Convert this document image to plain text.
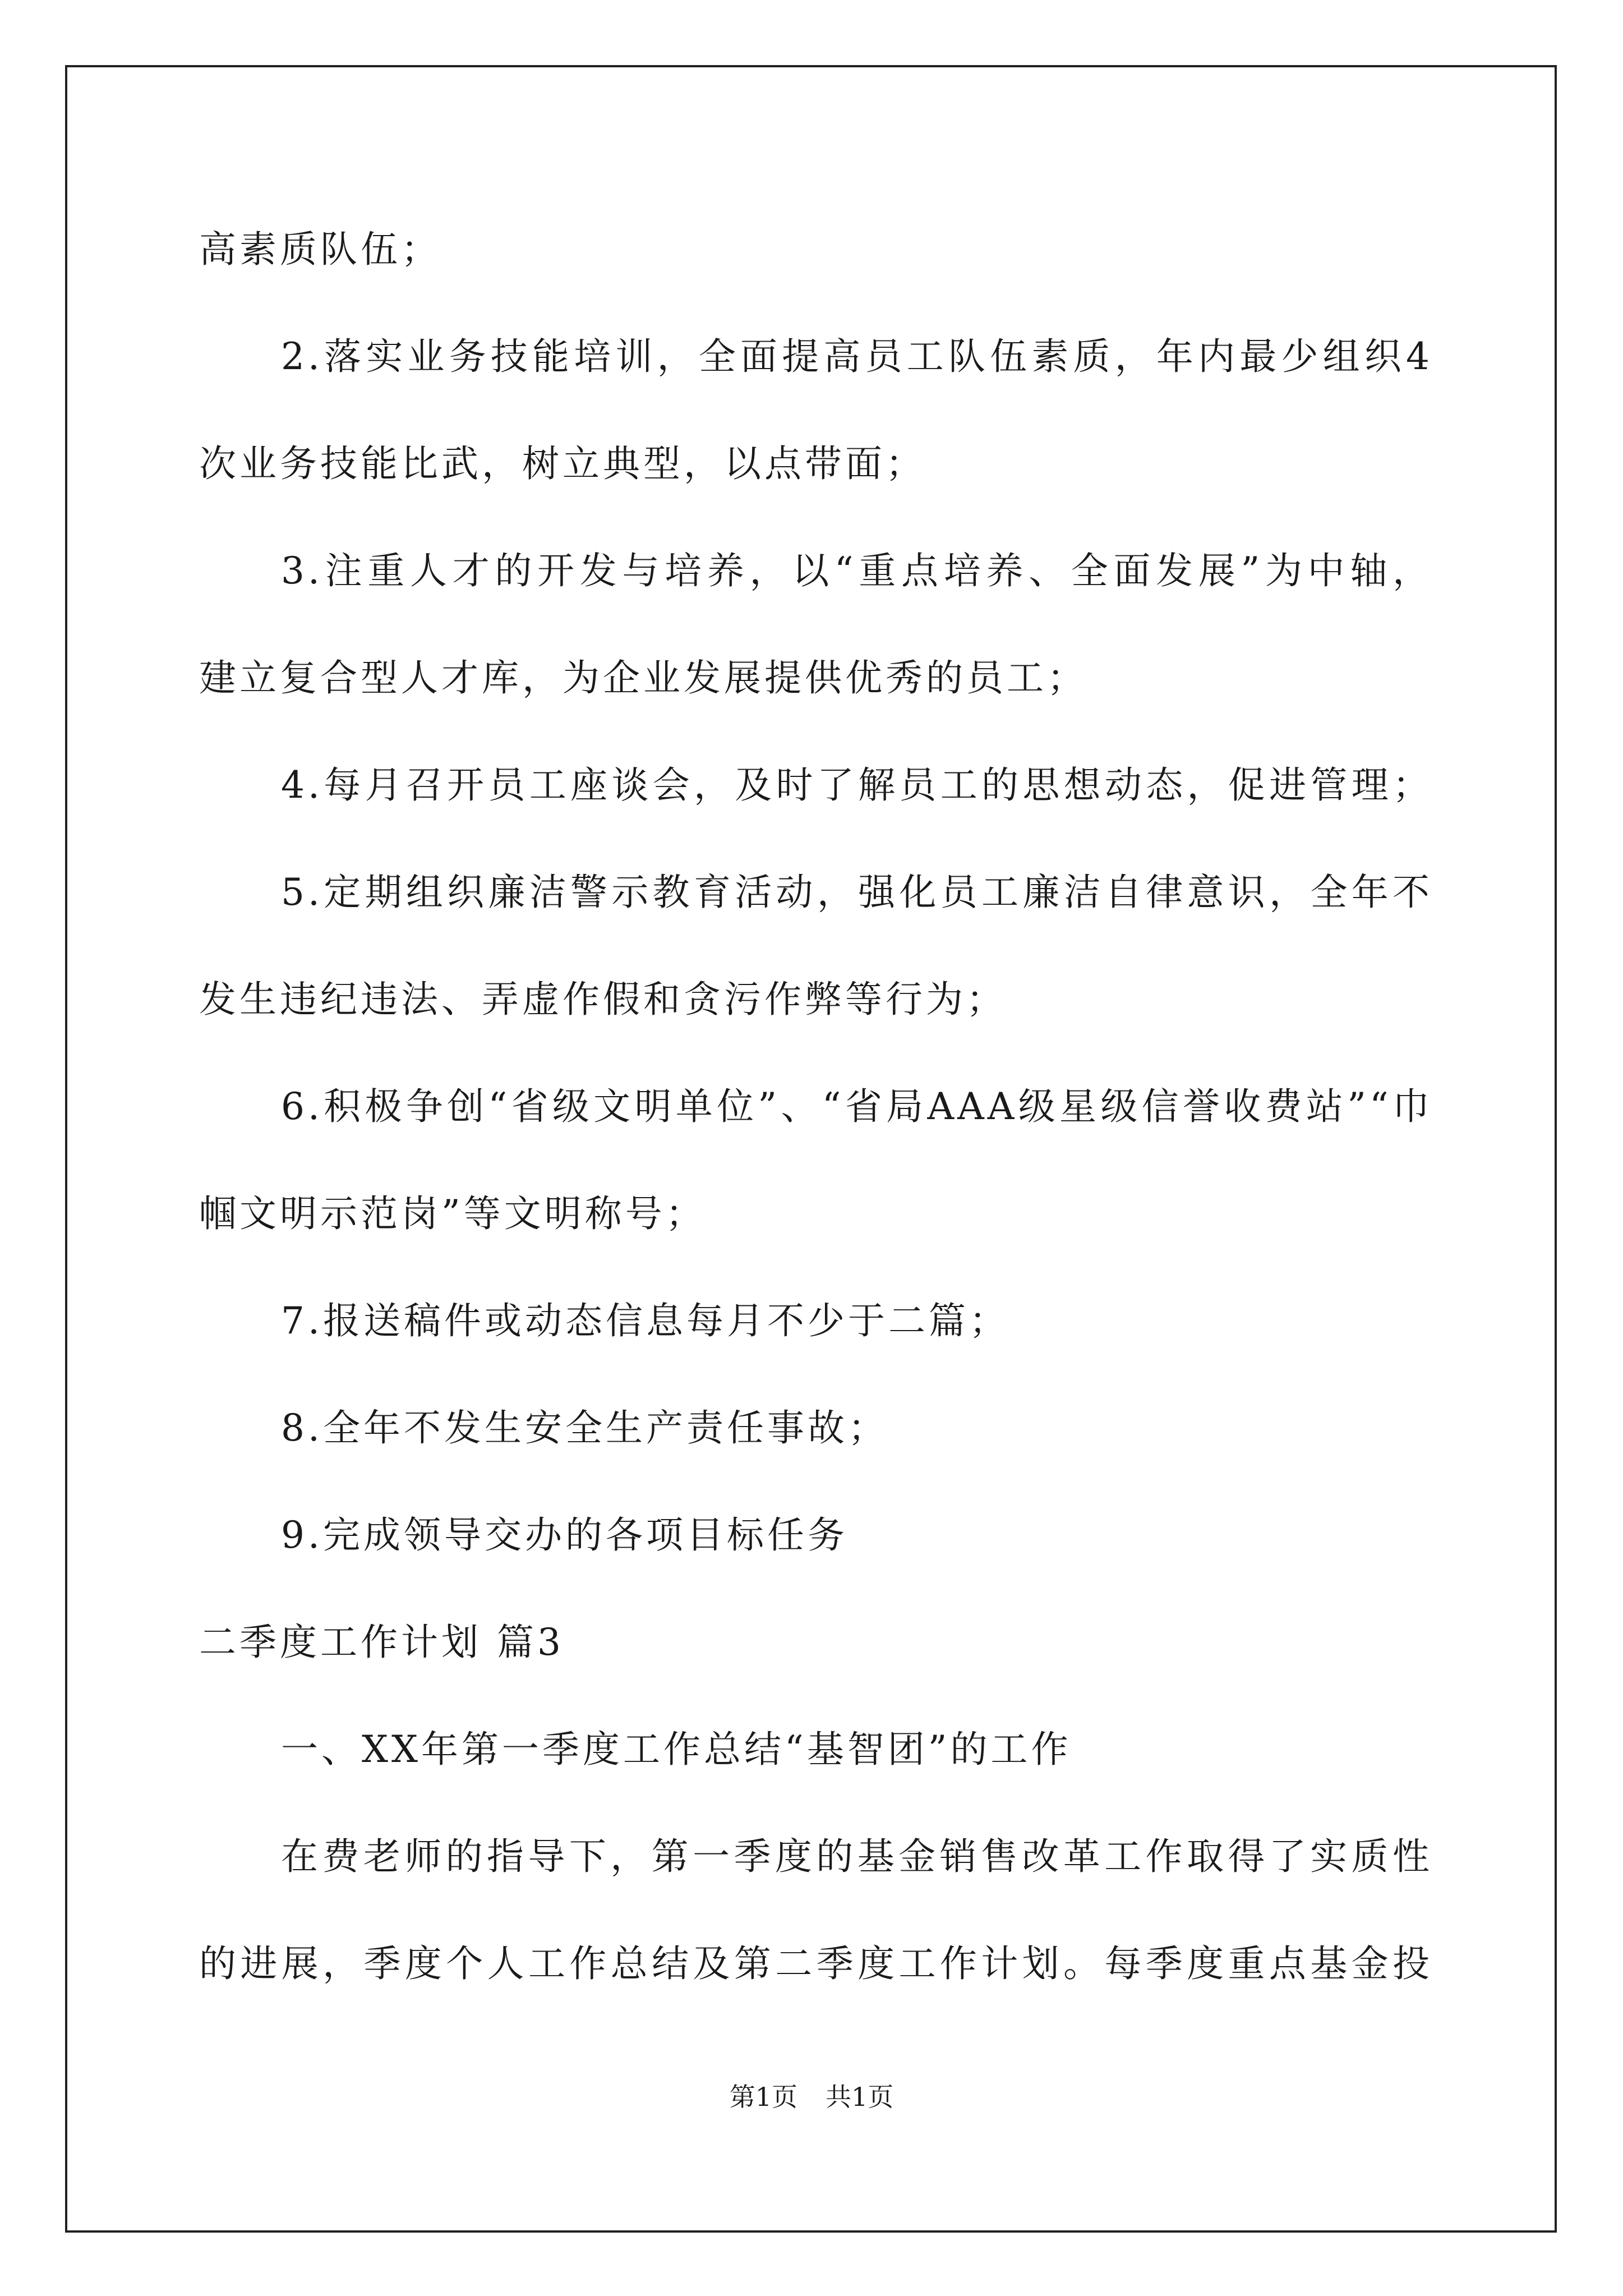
高素质队伍；
2.落实业务技能培训，全面提高员工队伍素质，年内最少组织4
次业务技能比武，树立典型，以点带面；
3.注重人才的开发与培养，以“重点培养、全面发展”为中轴，
建立复合型人才库，为企业发展提供优秀的员工；
4.每月召开员工座谈会，及时了解员工的思想动态，促进管理；
5.定期组织廉洁警示教育活动，强化员工廉洁自律意识，全年不
发生违纪违法、弄虚作假和贪污作弊等行为；
6.积极争创“省级文明单位”、“省局AAA级星级信誉收费站”“巾
帼文明示范岗”等文明称号；
7.报送稿件或动态信息每月不少于二篇；
8.全年不发生安全生产责任事故；
9.完成领导交办的各项目标任务
二季度工作计划 篇3
一、XX年第一季度工作总结“基智团”的工作
在费老师的指导下，第一季度的基金销售改革工作取得了实质性
的进展，季度个人工作总结及第二季度工作计划。每季度重点基金投
第1页 共1页
